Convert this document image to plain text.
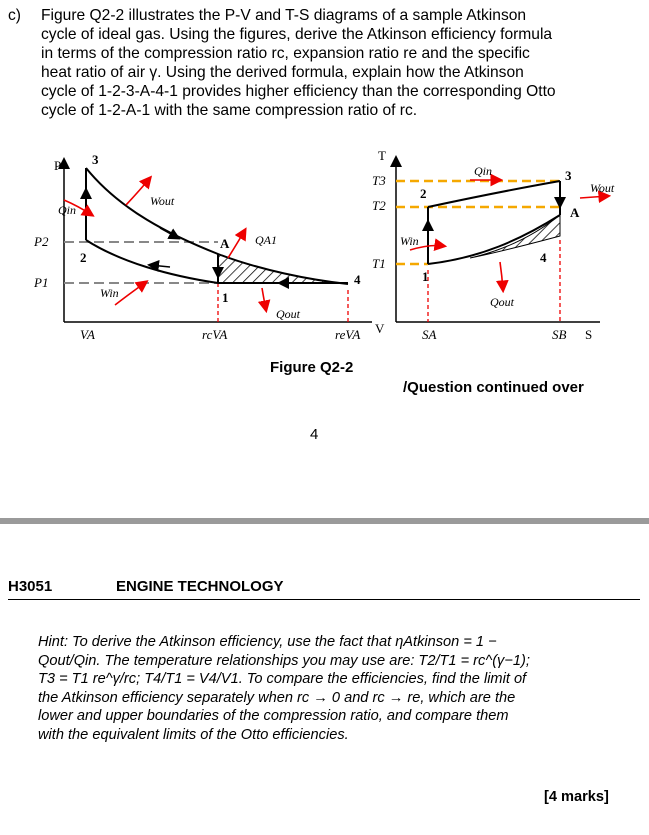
c) Figure Q2-2 illustrates the P-V and T-S diagrams of a sample Atkinson
cycle of ideal gas. Using the figures, derive the Atkinson efficiency formula
in terms of the compression ratio rc, expansion ratio re and the specific
heat ratio of air γ. Using the derived formula, explain how the Atkinson
cycle of 1-2-3-A-4-1 provides higher efficiency than the corresponding Otto
cycle of 1-2-A-1 with the same compression ratio of rc.
P
V
3
2
A
1
4
P2
P1
Qin
Wout
Win
QA1
Qout
VA	rcVA	reVA
T
S
T3
T2
T1
3
2
A
1
4
Qin
Wout
Win
Qout
SA	SB
Figure Q2-2
/Question continued over
4
H3051	ENGINE TECHNOLOGY
Hint: To derive the Atkinson efficiency, use the fact that ηAtkinson = 1 −
Qout/Qin. The temperature relationships you may use are: T2/T1 = rc^(γ−1);
T3 = T1 re^γ/rc; T4/T1 = V4/V1. To compare the efficiencies, find the limit of
the Atkinson efficiency separately when rc → 0 and rc → re, which are the
lower and upper boundaries of the compression ratio, and compare them
with the equivalent limits of the Otto efficiencies.
[4 marks]
